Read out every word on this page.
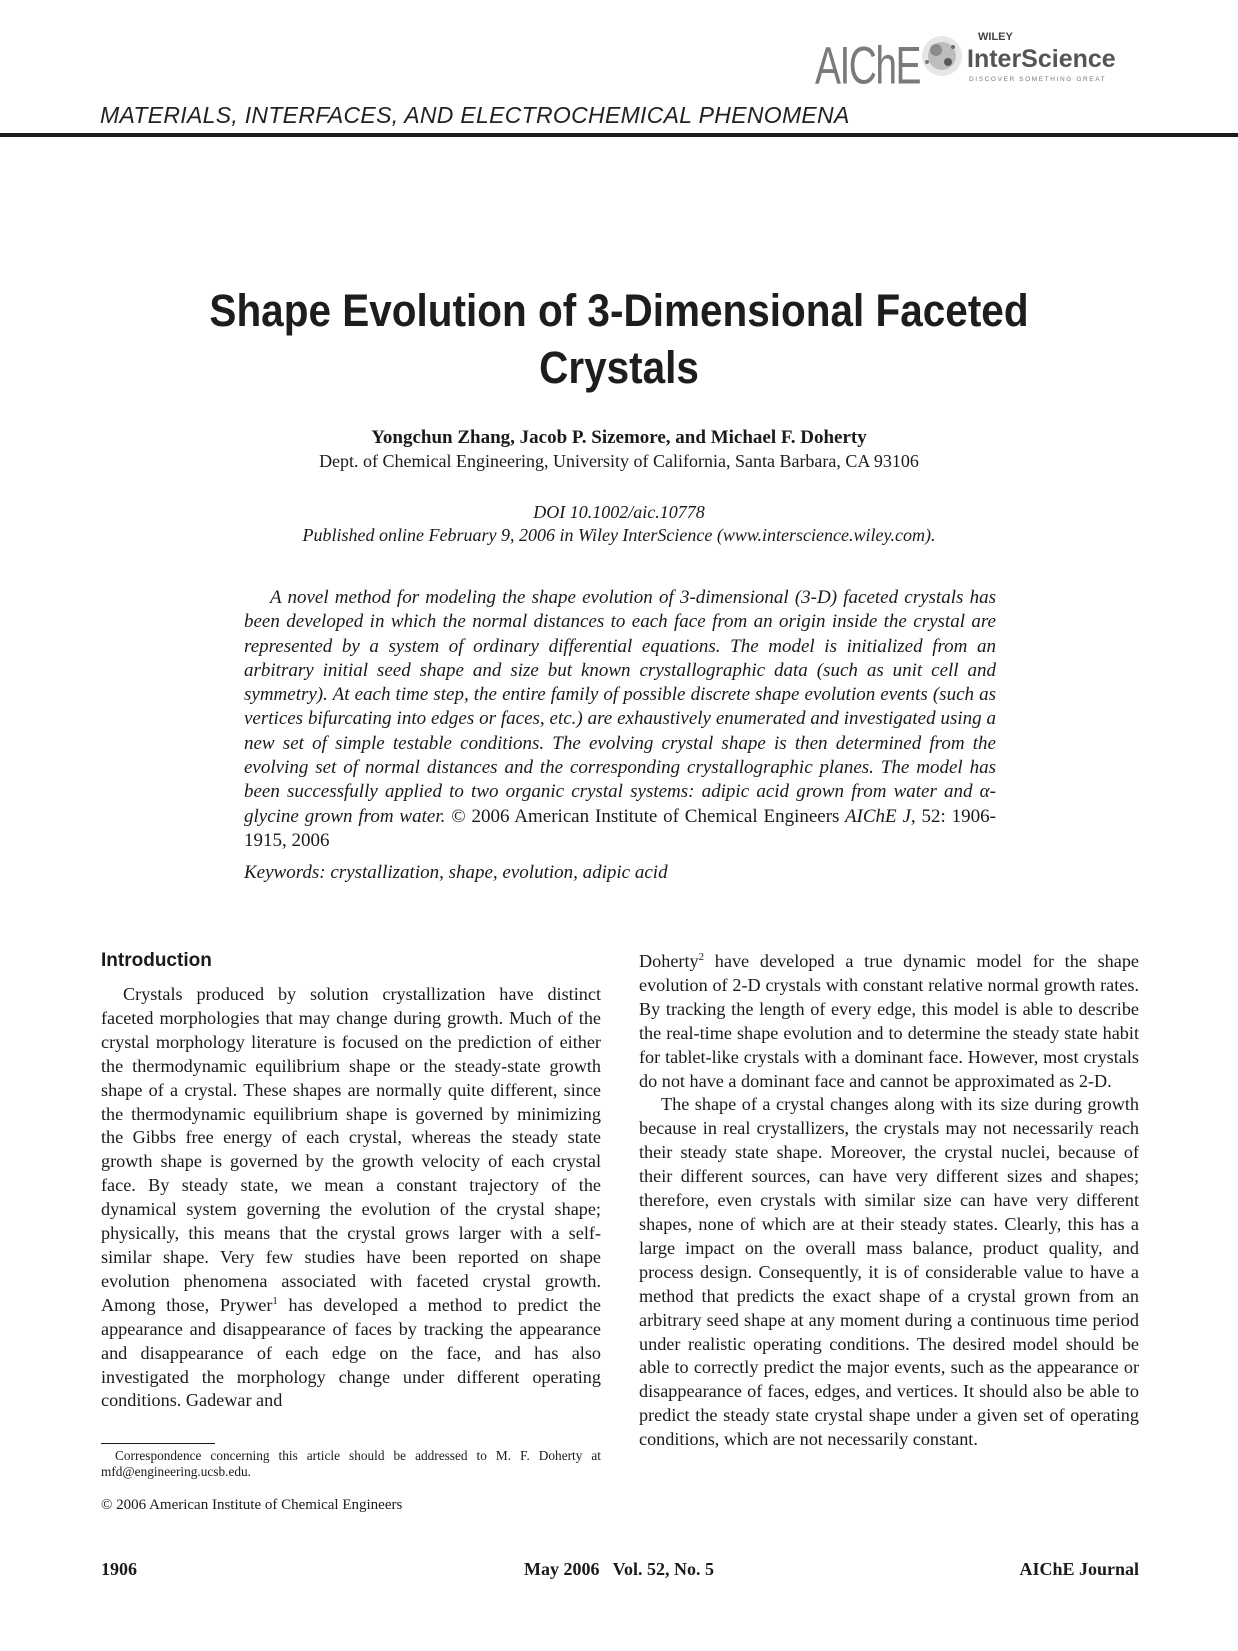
AIChE	WILEY
InterScience
DISCOVER SOMETHING GREAT
MATERIALS, INTERFACES, AND ELECTROCHEMICAL PHENOMENA
Shape Evolution of 3-Dimensional Faceted Crystals
Yongchun Zhang, Jacob P. Sizemore, and Michael F. Doherty
Dept. of Chemical Engineering, University of California, Santa Barbara, CA 93106
DOI 10.1002/aic.10778
Published online February 9, 2006 in Wiley InterScience (www.interscience.wiley.com).
A novel method for modeling the shape evolution of 3-dimensional (3-D) faceted crystals has been developed in which the normal distances to each face from an origin inside the crystal are represented by a system of ordinary differential equations. The model is initialized from an arbitrary initial seed shape and size but known crystallographic data (such as unit cell and symmetry). At each time step, the entire family of possible discrete shape evolution events (such as vertices bifurcating into edges or faces, etc.) are exhaustively enumerated and investigated using a new set of simple testable conditions. The evolving crystal shape is then determined from the evolving set of normal distances and the corresponding crystallographic planes. The model has been successfully applied to two organic crystal systems: adipic acid grown from water and α-glycine grown from water. © 2006 American Institute of Chemical Engineers AIChE J, 52: 1906-1915, 2006
Keywords: crystallization, shape, evolution, adipic acid
Introduction

Crystals produced by solution crystallization have distinct faceted morphologies that may change during growth. Much of the crystal morphology literature is focused on the prediction of either the thermodynamic equilibrium shape or the steady-state growth shape of a crystal. These shapes are normally quite different, since the thermodynamic equilibrium shape is governed by minimizing the Gibbs free energy of each crystal, whereas the steady state growth shape is governed by the growth velocity of each crystal face. By steady state, we mean a constant trajectory of the dynamical system governing the evolution of the crystal shape; physically, this means that the crystal grows larger with a self-similar shape. Very few studies have been reported on shape evolution phenomena associated with faceted crystal growth. Among those, Prywer$^1$ has developed a method to predict the appearance and disappearance of faces by tracking the appearance and disappearance of each edge on the face, and has also investigated the morphology change under different operating conditions. Gadewar and

Doherty$^2$ have developed a true dynamic model for the shape evolution of 2-D crystals with constant relative normal growth rates. By tracking the length of every edge, this model is able to describe the real-time shape evolution and to determine the steady state habit for tablet-like crystals with a dominant face. However, most crystals do not have a dominant face and cannot be approximated as 2-D.

The shape of a crystal changes along with its size during growth because in real crystallizers, the crystals may not necessarily reach their steady state shape. Moreover, the crystal nuclei, because of their different sources, can have very different sizes and shapes; therefore, even crystals with similar size can have very different shapes, none of which are at their steady states. Clearly, this has a large impact on the overall mass balance, product quality, and process design. Consequently, it is of considerable value to have a method that predicts the exact shape of a crystal grown from an arbitrary seed shape at any moment during a continuous time period under realistic operating conditions. The desired model should be able to correctly predict the major events, such as the appearance or disappearance of faces, edges, and vertices. It should also be able to predict the steady state crystal shape under a given set of operating conditions, which are not necessarily constant.

Correspondence concerning this article should be addressed to M. F. Doherty at mfd@engineering.ucsb.edu.
© 2006 American Institute of Chemical Engineers
1906	May 2006   Vol. 52, No. 5	AIChE Journal
